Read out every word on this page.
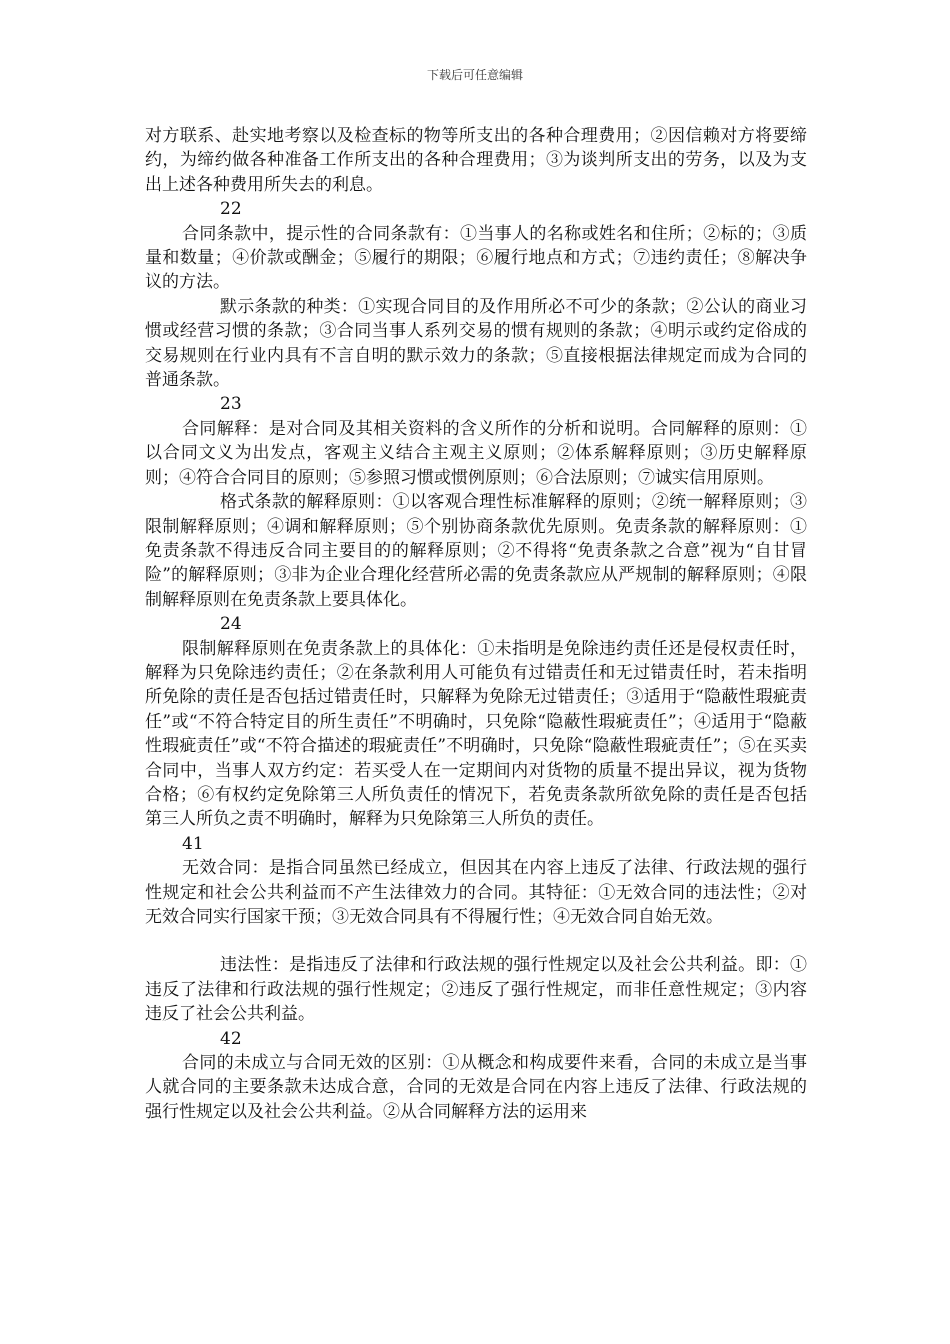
下载后可任意编辑

对方联系、赴实地考察以及检查标的物等所支出的各种合理费用；②因信赖对方将要缔约，为缔约做各种准备工作所支出的各种合理费用；③为谈判所支出的劳务，以及为支出上述各种费用所失去的利息。

22

合同条款中，提示性的合同条款有：①当事人的名称或姓名和住所；②标的；③质量和数量；④价款或酬金；⑤履行的期限；⑥履行地点和方式；⑦违约责任；⑧解决争议的方法。

默示条款的种类：①实现合同目的及作用所必不可少的条款；②公认的商业习惯或经营习惯的条款；③合同当事人系列交易的惯有规则的条款；④明示或约定俗成的交易规则在行业内具有不言自明的默示效力的条款；⑤直接根据法律规定而成为合同的普通条款。

23

合同解释：是对合同及其相关资料的含义所作的分析和说明。合同解释的原则：①以合同文义为出发点，客观主义结合主观主义原则；②体系解释原则；③历史解释原则；④符合合同目的原则；⑤参照习惯或惯例原则；⑥合法原则；⑦诚实信用原则。

格式条款的解释原则：①以客观合理性标准解释的原则；②统一解释原则；③限制解释原则；④调和解释原则；⑤个别协商条款优先原则。免责条款的解释原则：①免责条款不得违反合同主要目的的解释原则；②不得将“免责条款之合意”视为“自甘冒险”的解释原则；③非为企业合理化经营所必需的免责条款应从严规制的解释原则；④限制解释原则在免责条款上要具体化。

24

限制解释原则在免责条款上的具体化：①未指明是免除违约责任还是侵权责任时，解释为只免除违约责任；②在条款利用人可能负有过错责任和无过错责任时，若未指明所免除的责任是否包括过错责任时，只解释为免除无过错责任；③适用于“隐蔽性瑕疵责任”或“不符合特定目的所生责任”不明确时，只免除“隐蔽性瑕疵责任”；④适用于“隐蔽性瑕疵责任”或“不符合描述的瑕疵责任”不明确时，只免除“隐蔽性瑕疵责任”；⑤在买卖合同中，当事人双方约定：若买受人在一定期间内对货物的质量不提出异议，视为货物合格；⑥有权约定免除第三人所负责任的情况下，若免责条款所欲免除的责任是否包括第三人所负之责不明确时，解释为只免除第三人所负的责任。

41

无效合同：是指合同虽然已经成立，但因其在内容上违反了法律、行政法规的强行性规定和社会公共利益而不产生法律效力的合同。其特征：①无效合同的违法性；②对无效合同实行国家干预；③无效合同具有不得履行性；④无效合同自始无效。

违法性：是指违反了法律和行政法规的强行性规定以及社会公共利益。即：①违反了法律和行政法规的强行性规定；②违反了强行性规定，而非任意性规定；③内容违反了社会公共利益。

42

合同的未成立与合同无效的区别：①从概念和构成要件来看，合同的未成立是当事人就合同的主要条款未达成合意，合同的无效是合同在内容上违反了法律、行政法规的强行性规定以及社会公共利益。②从合同解释方法的运用来
